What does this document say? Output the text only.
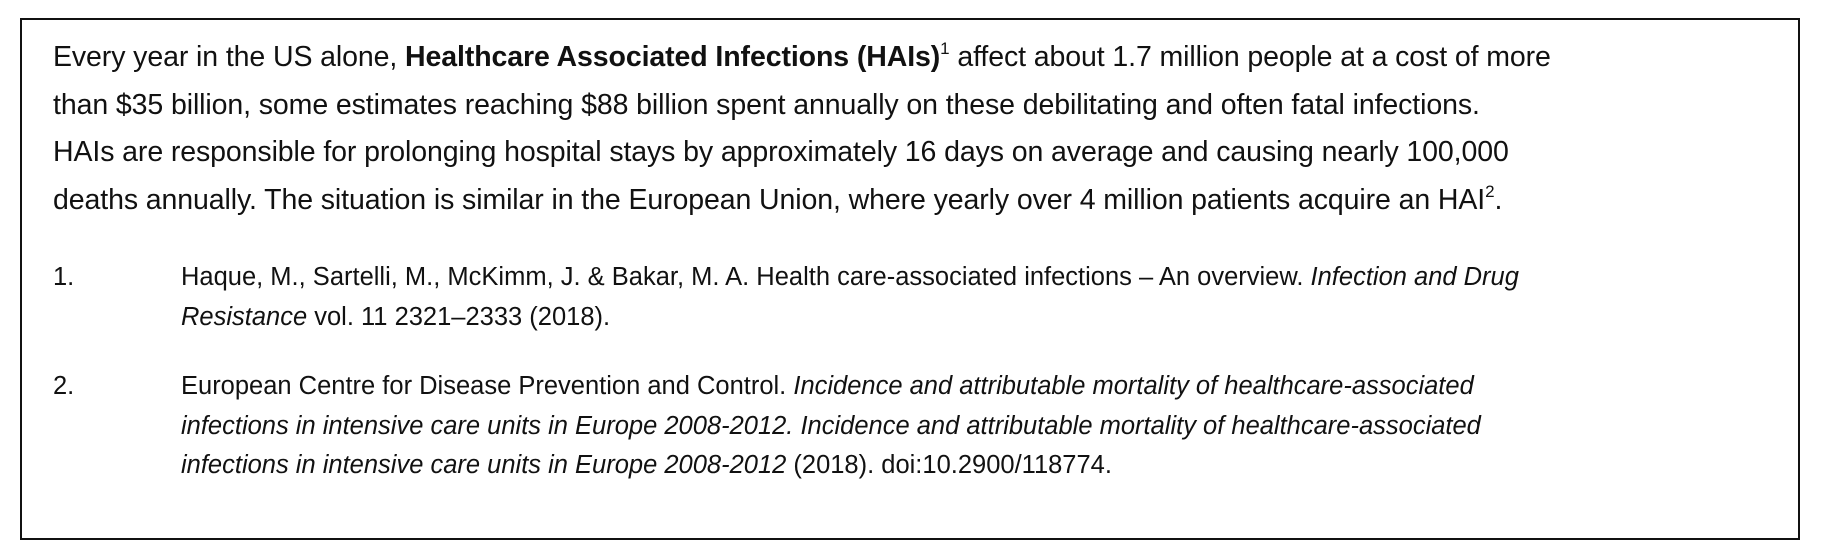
Every year in the US alone, Healthcare Associated Infections (HAIs)$^1$ affect about 1.7 million people at a cost of more
than $35 billion, some estimates reaching $88 billion spent annually on these debilitating and often fatal infections.
HAIs are responsible for prolonging hospital stays by approximately 16 days on average and causing nearly 100,000
deaths annually. The situation is similar in the European Union, where yearly over 4 million patients acquire an HAI$^2$.

1.	Haque, M., Sartelli, M., McKimm, J. & Bakar, M. A. Health care-associated infections – An overview. Infection and Drug
Resistance vol. 11 2321–2333 (2018).
2.	European Centre for Disease Prevention and Control. Incidence and attributable mortality of healthcare-associated
infections in intensive care units in Europe 2008-2012. Incidence and attributable mortality of healthcare-associated
infections in intensive care units in Europe 2008-2012 (2018). doi:10.2900/118774.
